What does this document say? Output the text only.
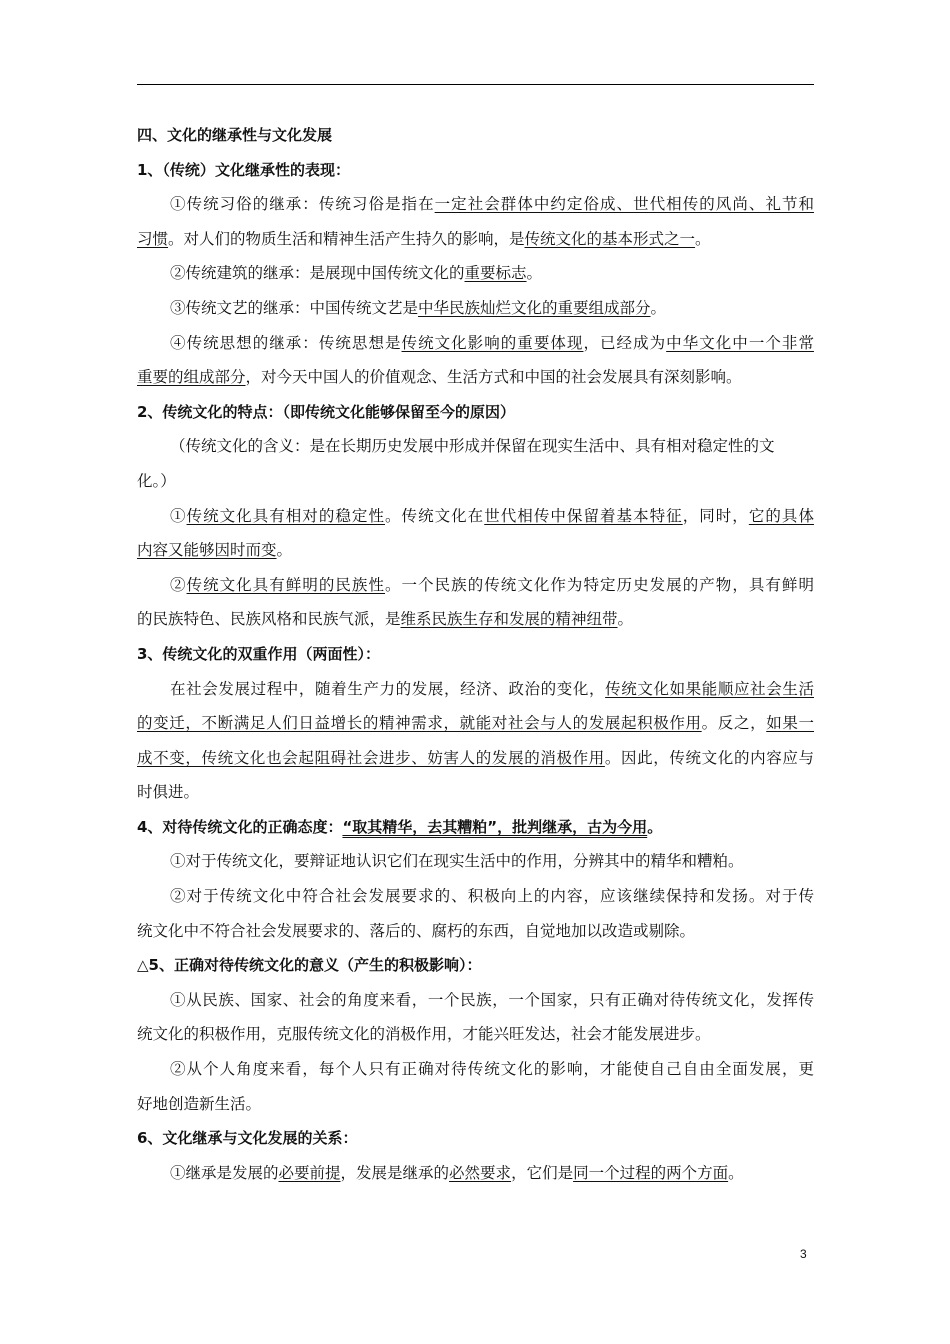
四、文化的继承性与文化发展
1、（传统）文化继承性的表现：
①传统习俗的继承：传统习俗是指在一定社会群体中约定俗成、世代相传的风尚、礼节和
习惯。对人们的物质生活和精神生活产生持久的影响，是传统文化的基本形式之一。
②传统建筑的继承：是展现中国传统文化的重要标志。
③传统文艺的继承：中国传统文艺是中华民族灿烂文化的重要组成部分。
④传统思想的继承：传统思想是传统文化影响的重要体现，已经成为中华文化中一个非常
重要的组成部分，对今天中国人的价值观念、生活方式和中国的社会发展具有深刻影响。
2、传统文化的特点：（即传统文化能够保留至今的原因）
（传统文化的含义：是在长期历史发展中形成并保留在现实生活中、具有相对稳定性的文
化。）
①传统文化具有相对的稳定性。传统文化在世代相传中保留着基本特征，同时，它的具体
内容又能够因时而变。
②传统文化具有鲜明的民族性。一个民族的传统文化作为特定历史发展的产物，具有鲜明
的民族特色、民族风格和民族气派，是维系民族生存和发展的精神纽带。
3、传统文化的双重作用（两面性）：
在社会发展过程中，随着生产力的发展，经济、政治的变化，传统文化如果能顺应社会生活
的变迁，不断满足人们日益增长的精神需求，就能对社会与人的发展起积极作用。反之，如果一
成不变，传统文化也会起阻碍社会进步、妨害人的发展的消极作用。因此，传统文化的内容应与
时俱进。
4、对待传统文化的正确态度：“取其精华，去其糟粕”，批判继承，古为今用。
①对于传统文化，要辩证地认识它们在现实生活中的作用，分辨其中的精华和糟粕。
②对于传统文化中符合社会发展要求的、积极向上的内容，应该继续保持和发扬。对于传
统文化中不符合社会发展要求的、落后的、腐朽的东西，自觉地加以改造或剔除。
△5、正确对待传统文化的意义（产生的积极影响）：
①从民族、国家、社会的角度来看，一个民族，一个国家，只有正确对待传统文化，发挥传
统文化的积极作用，克服传统文化的消极作用，才能兴旺发达，社会才能发展进步。
②从个人角度来看，每个人只有正确对待传统文化的影响，才能使自己自由全面发展，更
好地创造新生活。
6、文化继承与文化发展的关系：
①继承是发展的必要前提，发展是继承的必然要求，它们是同一个过程的两个方面。
3
